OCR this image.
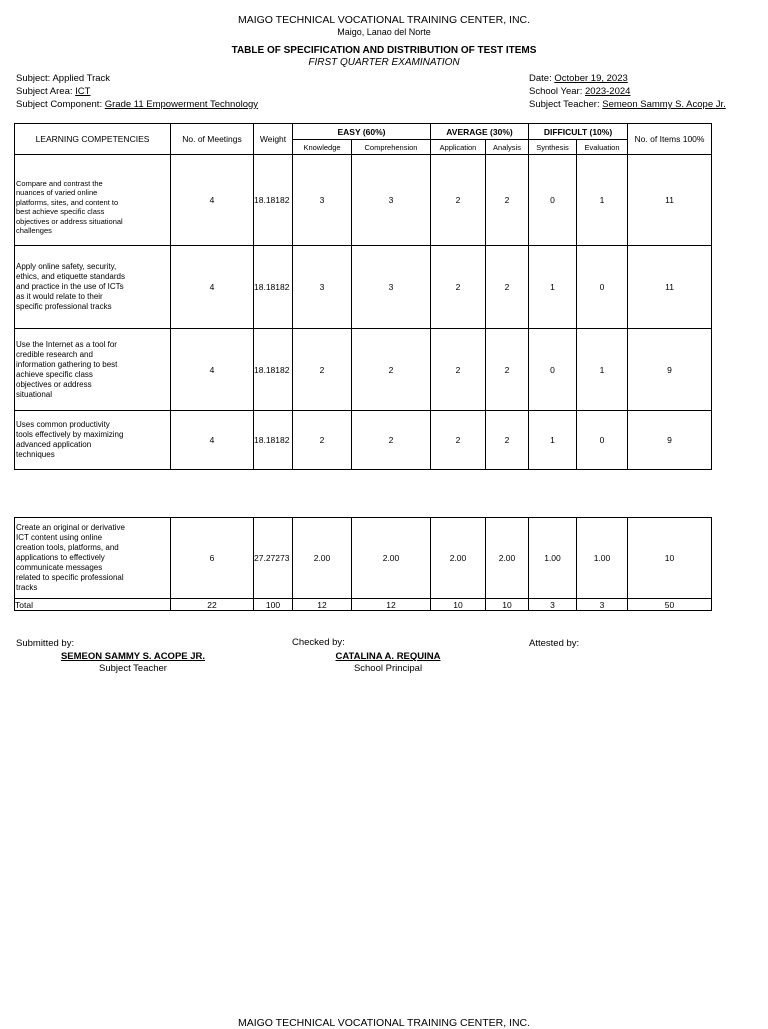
MAIGO TECHNICAL VOCATIONAL TRAINING CENTER, INC.
Maigo, Lanao del Norte
TABLE OF SPECIFICATION AND DISTRIBUTION OF TEST ITEMS
FIRST QUARTER EXAMINATION
Subject: Applied Track
Subject Area: ICT
Subject Component: Grade 11 Empowerment Technology
Date: October 19, 2023
School Year: 2023-2024
Subject Teacher: Semeon Sammy S. Acope Jr.
LEARNING COMPETENCIES	No. of Meetings	Weight	EASY (60%)		AVERAGE (30%)		DIFFICULT (10%)		No. of Items 100%
			Knowledge	Comprehension	Application	Analysis	Synthesis	Evaluation	

Compare and contrast the nuances of varied online platforms, sites, and content to best achieve specific class objectives or address situational challenges	4	18.18182	3	3	2	2	0	1	11

Apply online safety, security, ethics, and etiquette standards and practice in the use of ICTs as it would relate to their specific professional tracks	4	18.18182	3	3	2	2	1	0	11

Use the Internet as a tool for credible research and information gathering to best achieve specific class objectives or address situational	4	18.18182	2	2	2	2	0	1	9

Uses common productivity tools effectively by maximizing advanced application techniques	4	18.18182	2	2	2	2	1	0	9
Create an original or derivative ICT content using online creation tools, platforms, and applications to effectively communicate messages related to specific professional tracks	6	27.27273	2.00	2.00	2.00	2.00	1.00	1.00	10
Total	22	100	12	12	10	10	3	3	50
Submitted by:
SEMEON SAMMY S. ACOPE JR.
Subject Teacher
Checked by:
CATALINA A. REQUINA
School Principal
Attested by:
MAIGO TECHNICAL VOCATIONAL TRAINING CENTER, INC.
